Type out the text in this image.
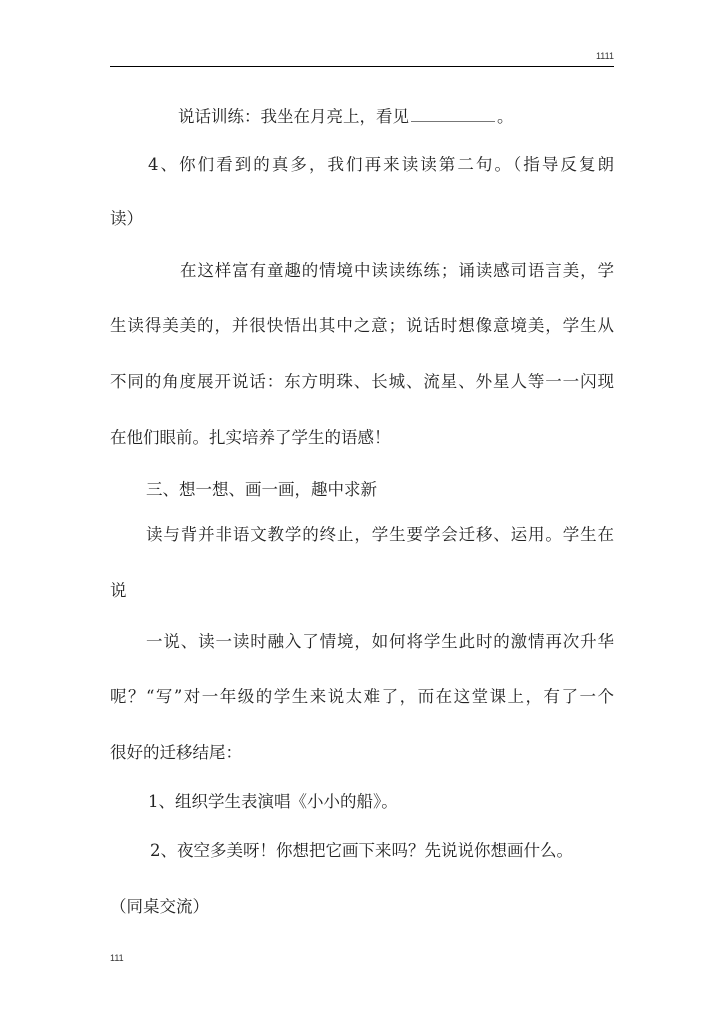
1111
说话训练：我坐在月亮上，看见	。
4、你们看到的真多，我们再来读读第二句。（指导反复朗
读）
在这样富有童趣的情境中读读练练；诵读感司语言美，学
生读得美美的，并很快悟出其中之意；说话时想像意境美，学生从
不同的角度展开说话：东方明珠、长城、流星、外星人等一一闪现
在他们眼前。扎实培养了学生的语感！
三、想一想、画一画，趣中求新
读与背并非语文教学的终止，学生要学会迁移、运用。学生在
说
一说、读一读时融入了情境，如何将学生此时的激情再次升华
呢？“写”对一年级的学生来说太难了，而在这堂课上，有了一个
很好的迁移结尾：
1、组织学生表演唱《小小的船》。
2、夜空多美呀！你想把它画下来吗？先说说你想画什么。
（同桌交流）
111
